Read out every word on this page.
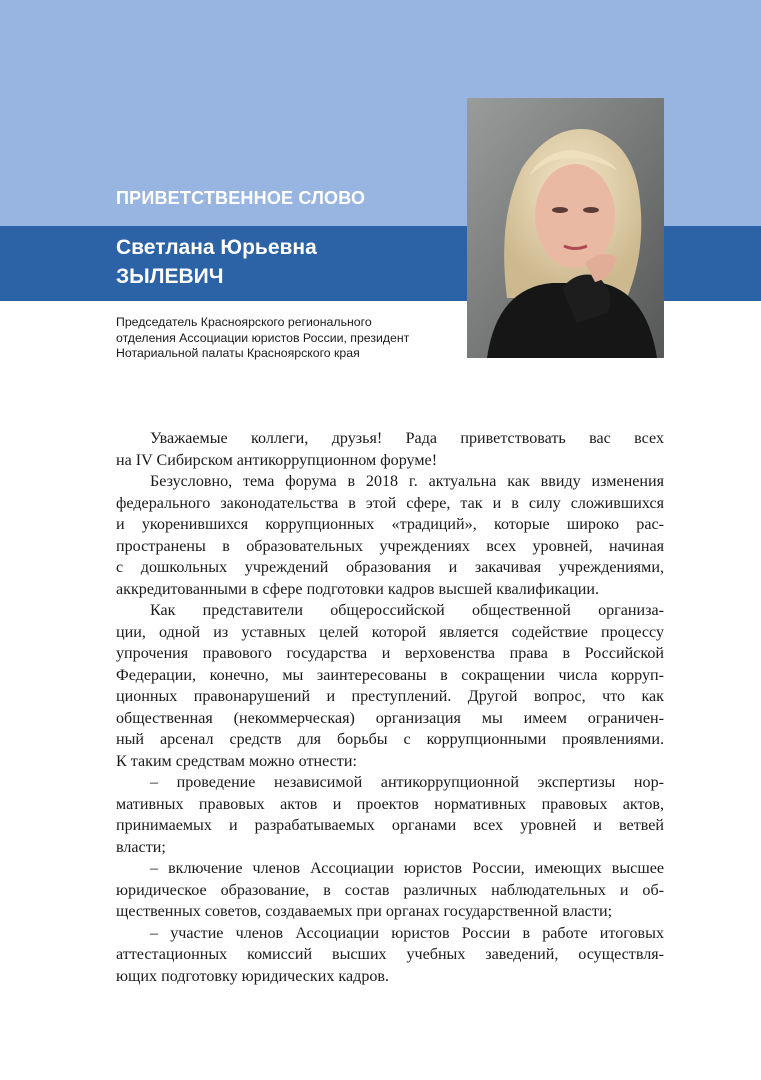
ПРИВЕТСТВЕННОЕ СЛОВО
Светлана Юрьевна
ЗЫЛЕВИЧ
Председатель Красноярского регионального
отделения Ассоциации юристов России, президент
Нотариальной палаты Красноярского края
Уважаемые коллеги, друзья! Рада приветствовать вас всех
на IV Сибирском антикоррупционном форуме!
Безусловно, тема форума в 2018 г. актуальна как ввиду изменения
федерального законодательства в этой сфере, так и в силу сложившихся
и укоренившихся коррупционных «традиций», которые широко рас-
пространены в образовательных учреждениях всех уровней, начиная
с дошкольных учреждений образования и закачивая учреждениями,
аккредитованными в сфере подготовки кадров высшей квалификации.
Как представители общероссийской общественной организа-
ции, одной из уставных целей которой является содействие процессу
упрочения правового государства и верховенства права в Российской
Федерации, конечно, мы заинтересованы в сокращении числа корруп-
ционных правонарушений и преступлений. Другой вопрос, что как
общественная (некоммерческая) организация мы имеем ограничен-
ный арсенал средств для борьбы с коррупционными проявлениями.
К таким средствам можно отнести:
– проведение независимой антикоррупционной экспертизы нор-
мативных правовых актов и проектов нормативных правовых актов,
принимаемых и разрабатываемых органами всех уровней и ветвей
власти;
– включение членов Ассоциации юристов России, имеющих высшее
юридическое образование, в состав различных наблюдательных и об-
щественных советов, создаваемых при органах государственной власти;
– участие членов Ассоциации юристов России в работе итоговых
аттестационных комиссий высших учебных заведений, осуществля-
ющих подготовку юридических кадров.
